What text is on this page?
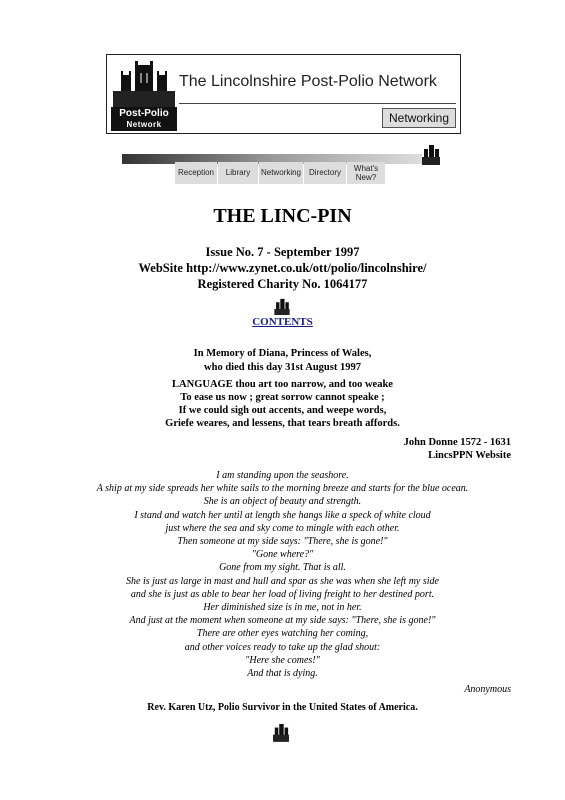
Post-Polio
Network
The Lincolnshire Post-Polio Network
Networking
Reception	Library	Networking Directory	What's New?
THE LINC-PIN
Issue No. 7 - September 1997
WebSite http://www.zynet.co.uk/ott/polio/lincolnshire/
Registered Charity No. 1064177
CONTENTS
In Memory of Diana, Princess of Wales,
who died this day 31st August 1997
LANGUAGE thou art too narrow, and too weake
To ease us now ; great sorrow cannot speake ;
If we could sigh out accents, and weepe words,
Griefe weares, and lessens, that tears breath affords.
John Donne 1572 - 1631
LincsPPN Website
I am standing upon the seashore.
A ship at my side spreads her white sails to the morning breeze and starts for the blue ocean.
She is an object of beauty and strength.
I stand and watch her until at length she hangs like a speck of white cloud
just where the sea and sky come to mingle with each other.
Then someone at my side says: "There, she is gone!"
"Gone where?"
Gone from my sight. That is all.
She is just as large in mast and hull and spar as she was when she left my side
and she is just as able to bear her load of living freight to her destined port.
Her diminished size is in me, not in her.
And just at the moment when someone at my side says: "There, she is gone!"
There are other eyes watching her coming,
and other voices ready to take up the glad shout:
"Here she comes!"
And that is dying.
Anonymous
Rev. Karen Utz, Polio Survivor in the United States of America.
